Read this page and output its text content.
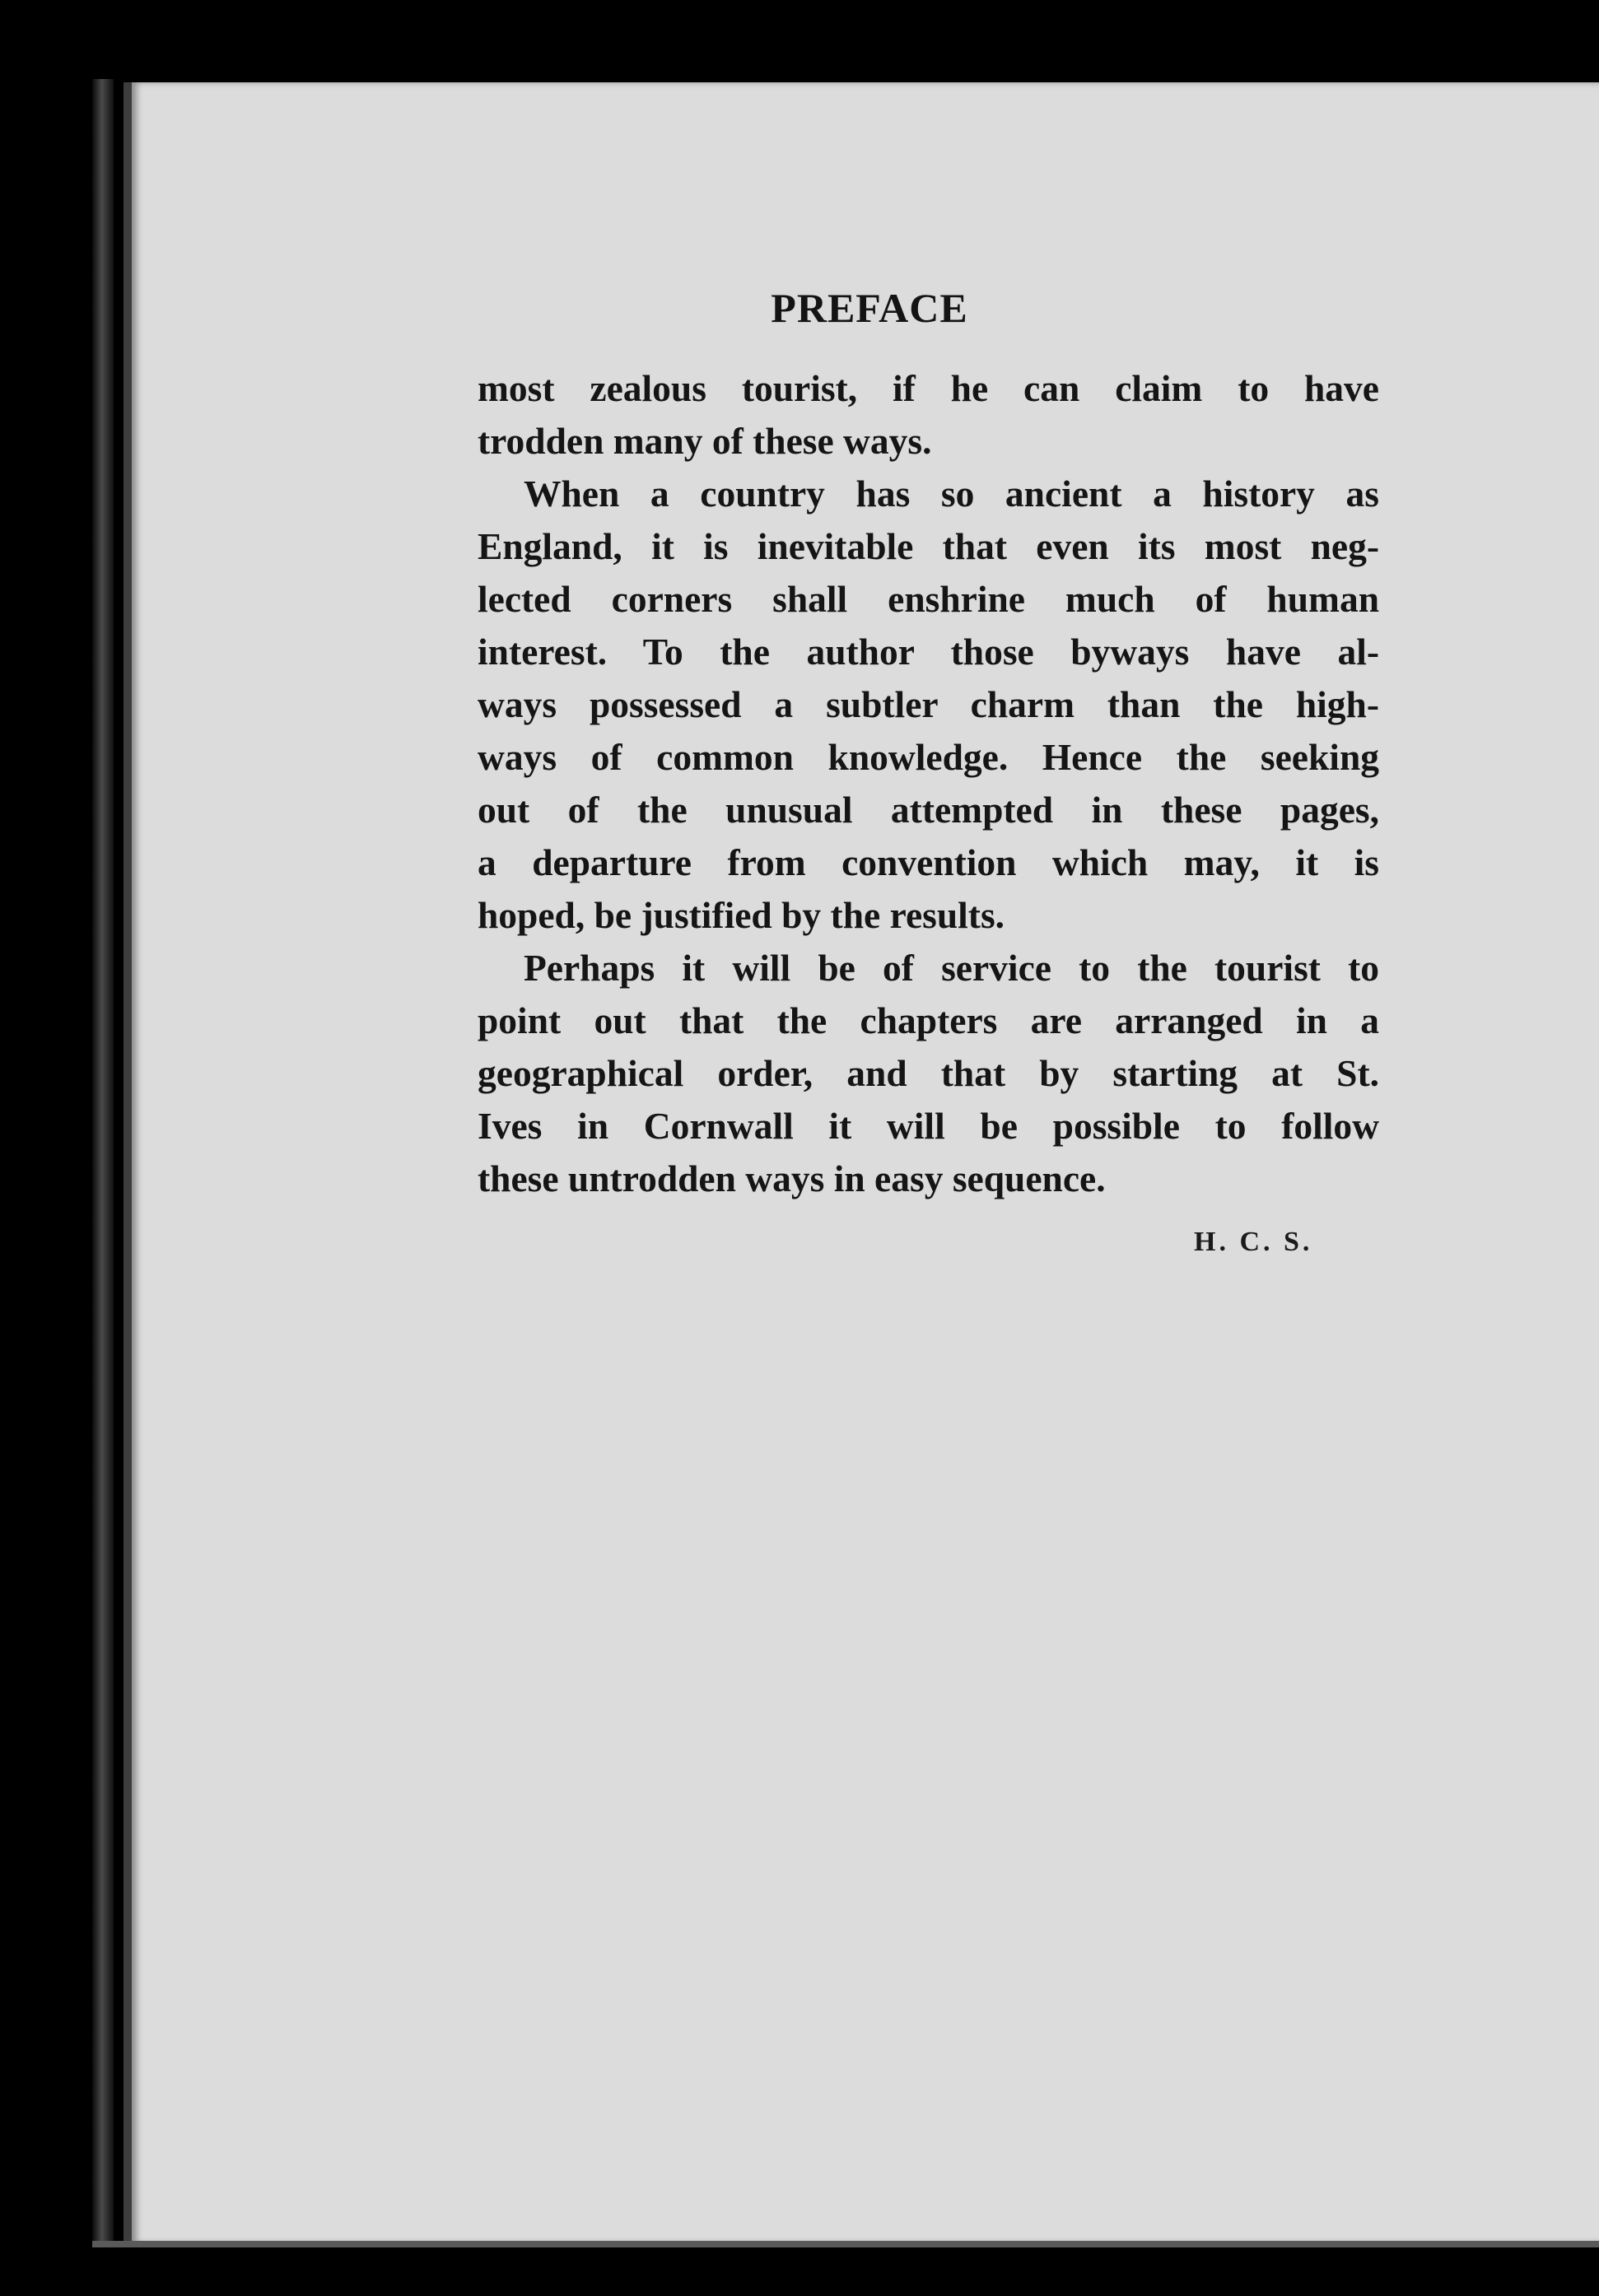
PREFACE
most zealous tourist, if he can claim to have
trodden many of these ways.
When a country has so ancient a history as
England, it is inevitable that even its most neg-
lected corners shall enshrine much of human
interest. To the author those byways have al-
ways possessed a subtler charm than the high-
ways of common knowledge. Hence the seeking
out of the unusual attempted in these pages,
a departure from convention which may, it is
hoped, be justified by the results.
Perhaps it will be of service to the tourist to
point out that the chapters are arranged in a
geographical order, and that by starting at St.
Ives in Cornwall it will be possible to follow
these untrodden ways in easy sequence.
H. C. S.
